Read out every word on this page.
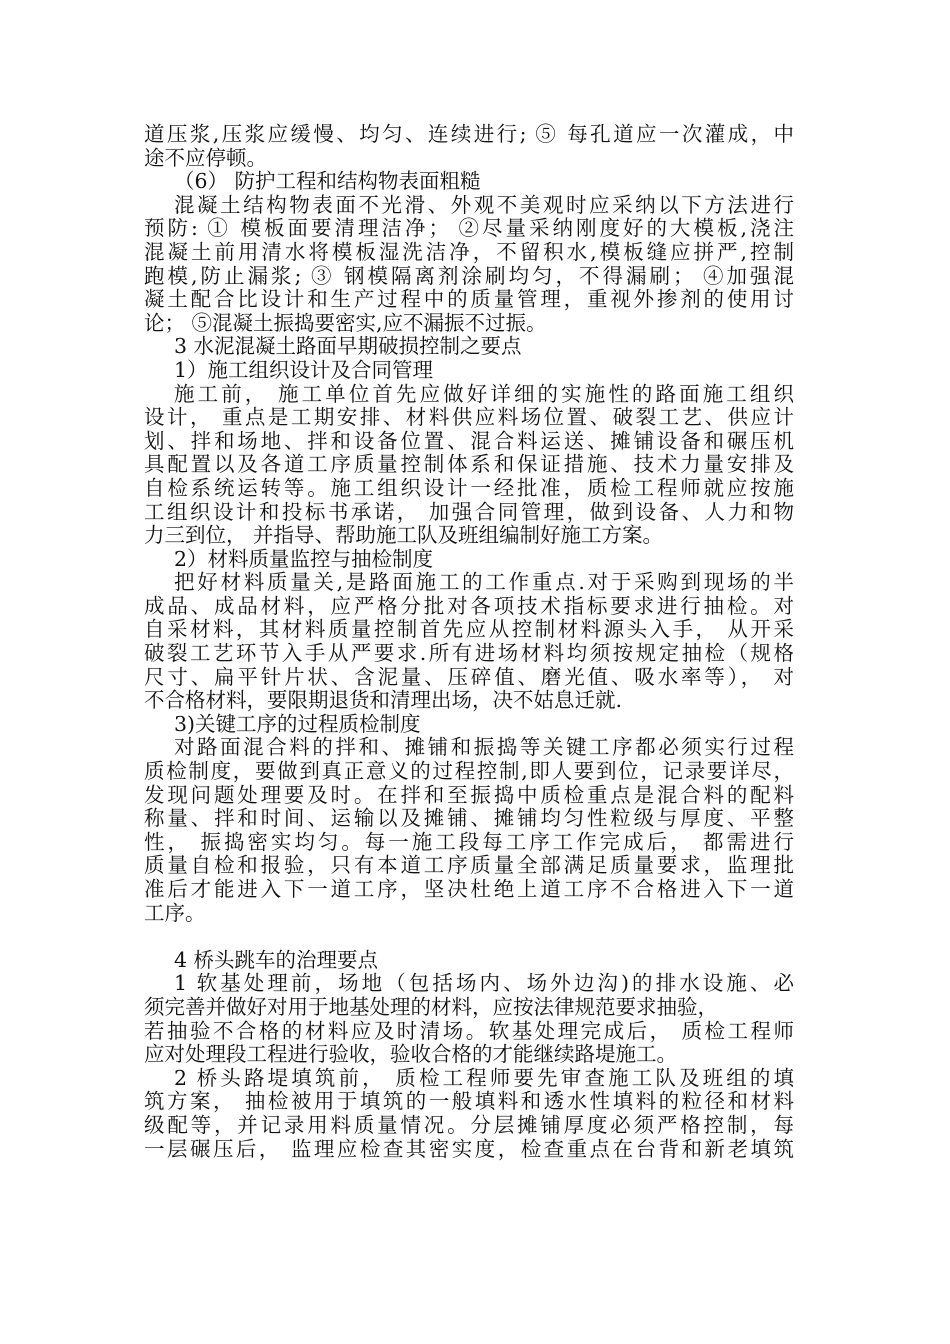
道压浆,压浆应缓慢、均匀、连续进行; ⑤ 每孔道应一次灌成，中
途不应停顿。
（6） 防护工程和结构物表面粗糙
混凝土结构物表面不光滑、外观不美观时应采纳以下方法进行
预防: ① 模板面要清理洁净； ②尽量采纳刚度好的大模板,浇注
混凝土前用清水将模板湿洗洁净，不留积水,模板缝应拼严,控制
跑模,防止漏浆; ③ 钢模隔离剂涂刷均匀，不得漏刷； ④加强混
凝土配合比设计和生产过程中的质量管理，重视外掺剂的使用讨
论； ⑤混凝土振捣要密实,应不漏振不过振。
3 水泥混凝土路面早期破损控制之要点
1）施工组织设计及合同管理
施工前， 施工单位首先应做好详细的实施性的路面施工组织
设计， 重点是工期安排、材料供应料场位置、破裂工艺、供应计
划、拌和场地、拌和设备位置、混合料运送、摊铺设备和碾压机
具配置以及各道工序质量控制体系和保证措施、技术力量安排及
自检系统运转等。施工组织设计一经批准，质检工程师就应按施
工组织设计和投标书承诺， 加强合同管理，做到设备、人力和物
力三到位， 并指导、帮助施工队及班组编制好施工方案。
2）材料质量监控与抽检制度
把好材料质量关,是路面施工的工作重点.对于采购到现场的半
成品、成品材料，应严格分批对各项技术指标要求进行抽检。对
自采材料，其材料质量控制首先应从控制材料源头入手， 从开采
破裂工艺环节入手从严要求.所有进场材料均须按规定抽检（规格
尺寸、扁平针片状、含泥量、压碎值、磨光值、吸水率等）， 对
不合格材料，要限期退货和清理出场，决不姑息迁就.
3)关键工序的过程质检制度
对路面混合料的拌和、摊铺和振捣等关键工序都必须实行过程
质检制度，要做到真正意义的过程控制,即人要到位，记录要详尽，
发现问题处理要及时。在拌和至振捣中质检重点是混合料的配料
称量、拌和时间、运输以及摊铺、摊铺均匀性粒级与厚度、平整
性， 振捣密实均匀。每一施工段每工序工作完成后， 都需进行
质量自检和报验，只有本道工序质量全部满足质量要求，监理批
准后才能进入下一道工序，坚决杜绝上道工序不合格进入下一道
工序。
4 桥头跳车的治理要点
1 软基处理前，场地（包括场内、场外边沟)的排水设施、必
须完善并做好对用于地基处理的材料，应按法律规范要求抽验，
若抽验不合格的材料应及时清场。软基处理完成后， 质检工程师
应对处理段工程进行验收，验收合格的才能继续路堤施工。
2 桥头路堤填筑前， 质检工程师要先审查施工队及班组的填
筑方案， 抽检被用于填筑的一般填料和透水性填料的粒径和材料
级配等，并记录用料质量情况。分层摊铺厚度必须严格控制，每
一层碾压后， 监理应检查其密实度，检查重点在台背和新老填筑
